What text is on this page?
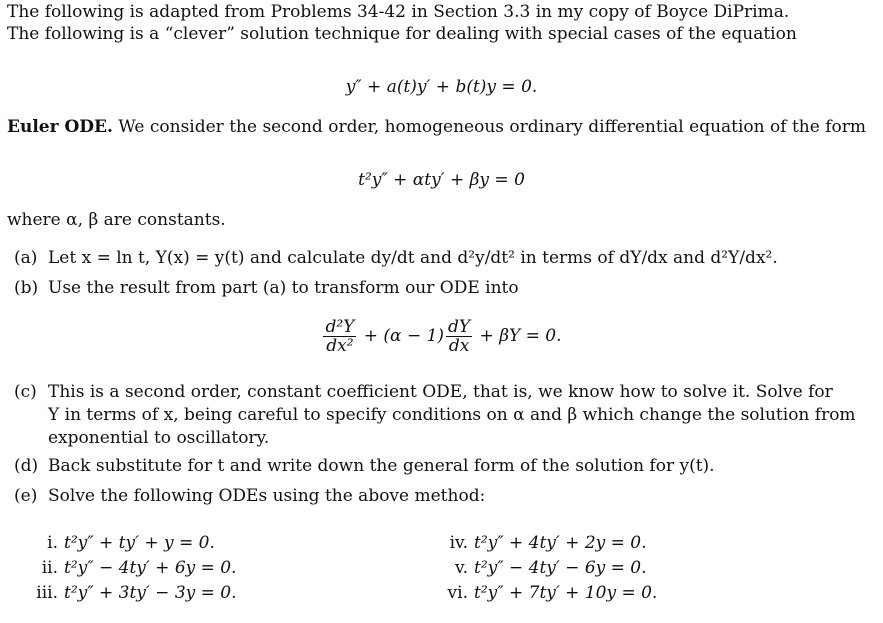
The following is adapted from Problems 34-42 in Section 3.3 in my copy of Boyce DiPrima.
The following is a “clever” solution technique for dealing with special cases of the equation
y″ + a(t)y′ + b(t)y = 0.
Euler ODE. We consider the second order, homogeneous ordinary differential equation of the form
t²y″ + αty′ + βy = 0
where α, β are constants.
(a) Let x = ln t, Y(x) = y(t) and calculate dy/dt and d²y/dt² in terms of dY/dx and d²Y/dx².
(b) Use the result from part (a) to transform our ODE into
$\frac{\text{d²Y}}{\text{dx²}} + (\alpha - 1) \frac{dY}{dx} + \beta Y = 0$.
(c) This is a second order, constant coefficient ODE, that is, we know how to solve it. Solve for
Y in terms of x, being careful to specify conditions on α and β which change the solution from
exponential to oscillatory.
(d) Back substitute for t and write down the general form of the solution for y(t).
(e) Solve the following ODEs using the above method:
i. t²y″ + ty′ + y = 0.
ii. t²y″ − 4ty′ + 6y = 0.
iii. t²y″ + 3ty′ − 3y = 0.
iv. t²y″ + 4ty′ + 2y = 0.
v. t²y″ − 4ty′ − 6y = 0.
vi. t²y″ + 7ty′ + 10y = 0.
